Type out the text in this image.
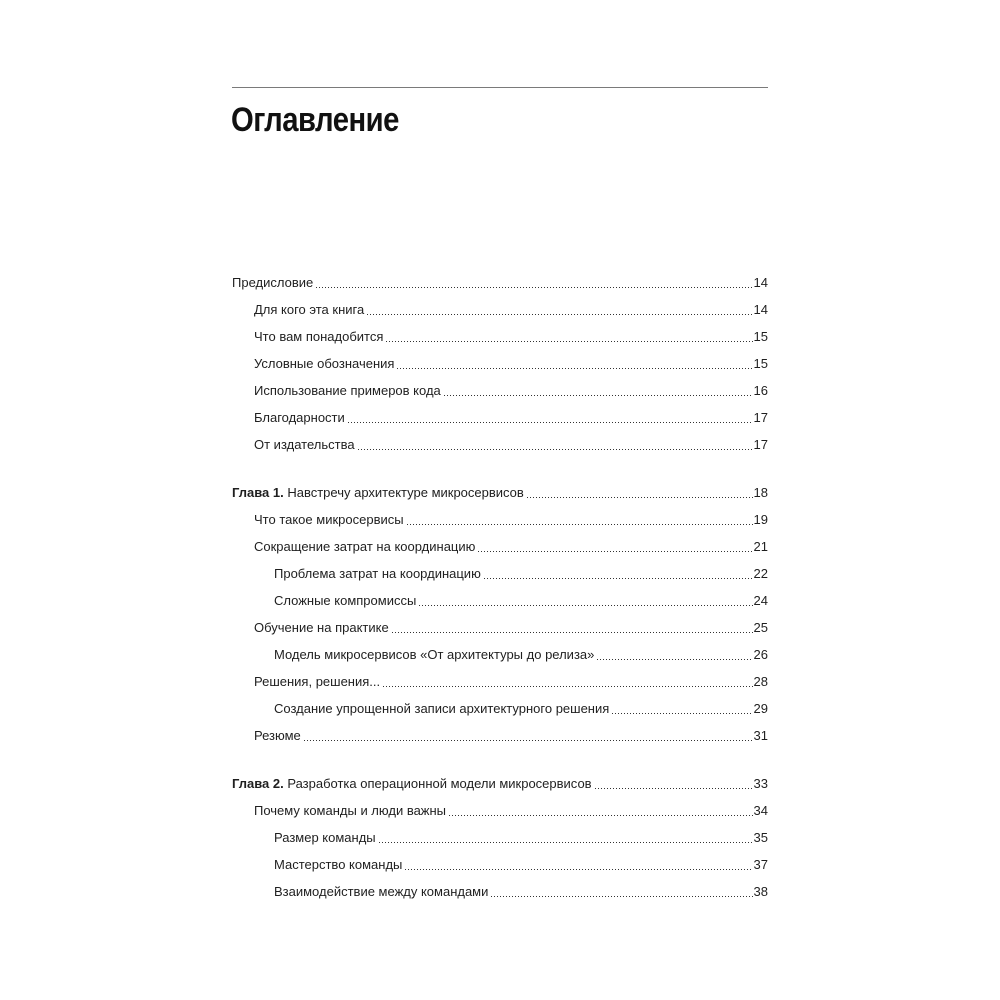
Оглавление
Предисловие	14
Для кого эта книга	14
Что вам понадобится	15
Условные обозначения	15
Использование примеров кода	16
Благодарности	17
От издательства	17
Глава 1. Навстречу архитектуре микросервисов	18
Что такое микросервисы	19
Сокращение затрат на координацию	21
Проблема затрат на координацию	22
Сложные компромиссы	24
Обучение на практике	25
Модель микросервисов «От архитектуры до релиза»	26
Решения, решения...	28
Создание упрощенной записи архитектурного решения	29
Резюме	31
Глава 2. Разработка операционной модели микросервисов	33
Почему команды и люди важны	34
Размер команды	35
Мастерство команды	37
Взаимодействие между командами	38
